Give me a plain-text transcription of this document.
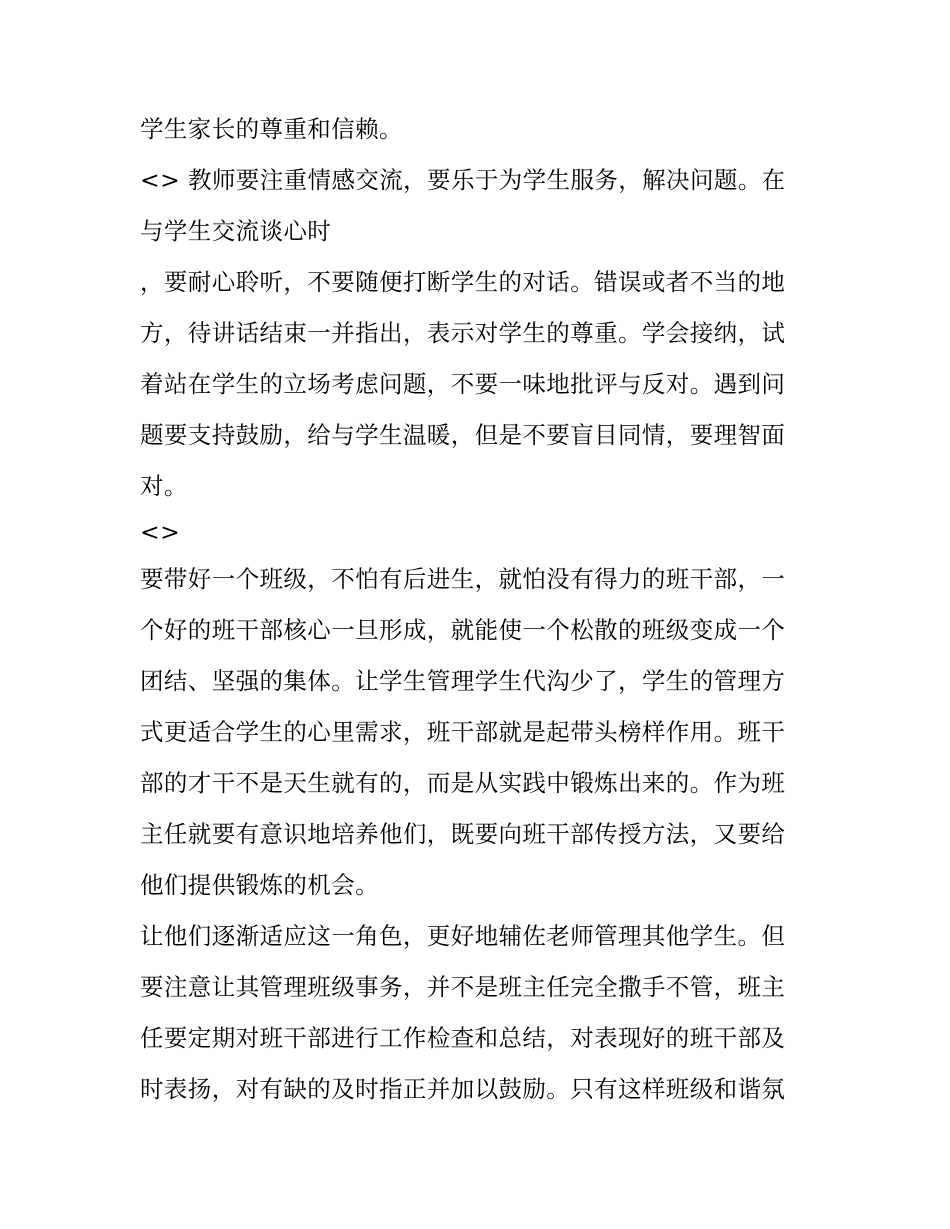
学生家长的尊重和信赖。
<> 教师要注重情感交流，要乐于为学生服务，解决问题。在
与学生交流谈心时
，要耐心聆听，不要随便打断学生的对话。错误或者不当的地
方，待讲话结束一并指出，表示对学生的尊重。学会接纳，试
着站在学生的立场考虑问题，不要一味地批评与反对。遇到问
题要支持鼓励，给与学生温暖，但是不要盲目同情，要理智面
对。
<>
要带好一个班级，不怕有后进生，就怕没有得力的班干部，一
个好的班干部核心一旦形成，就能使一个松散的班级变成一个
团结、坚强的集体。让学生管理学生代沟少了，学生的管理方
式更适合学生的心里需求，班干部就是起带头榜样作用。班干
部的才干不是天生就有的，而是从实践中锻炼出来的。作为班
主任就要有意识地培养他们，既要向班干部传授方法，又要给
他们提供锻炼的机会。
让他们逐渐适应这一角色，更好地辅佐老师管理其他学生。但
要注意让其管理班级事务，并不是班主任完全撒手不管，班主
任要定期对班干部进行工作检查和总结，对表现好的班干部及
时表扬，对有缺的及时指正并加以鼓励。只有这样班级和谐氛
